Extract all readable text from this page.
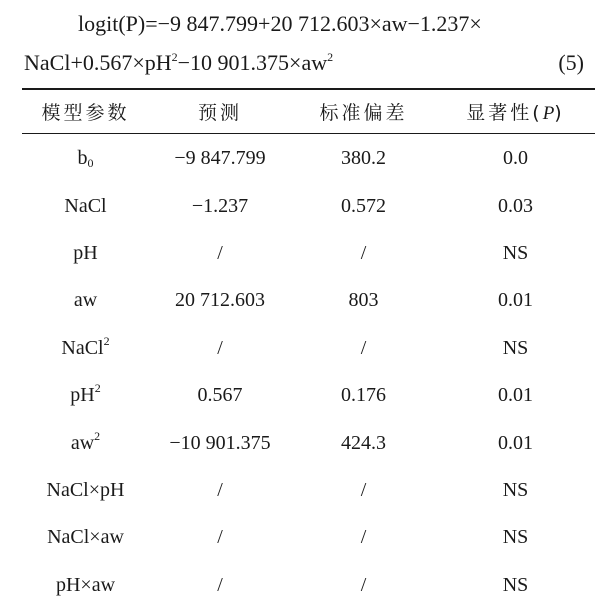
logit(P)=−9 847.799+20 712.603×aw−1.237×
$NaCl+0.567\times pH^2-10$ $901.375\times aw^2$	(5)
模型参数	预测	标准偏差	显著性(P)
$b_0$	−9 847.799	380.2	0.0
NaCl	−1.237	0.572	0.03
pH	/	/	NS
aw	20 712.603	803	0.01
NaCl$^2$	/	/	NS
$pH^2$	0.567	0.176	0.01
$aw^2$	−10 901.375	424.3	0.01
NaCl×pH	/	/	NS
NaCl×aw	/	/	NS
pH×aw	/	/	NS
